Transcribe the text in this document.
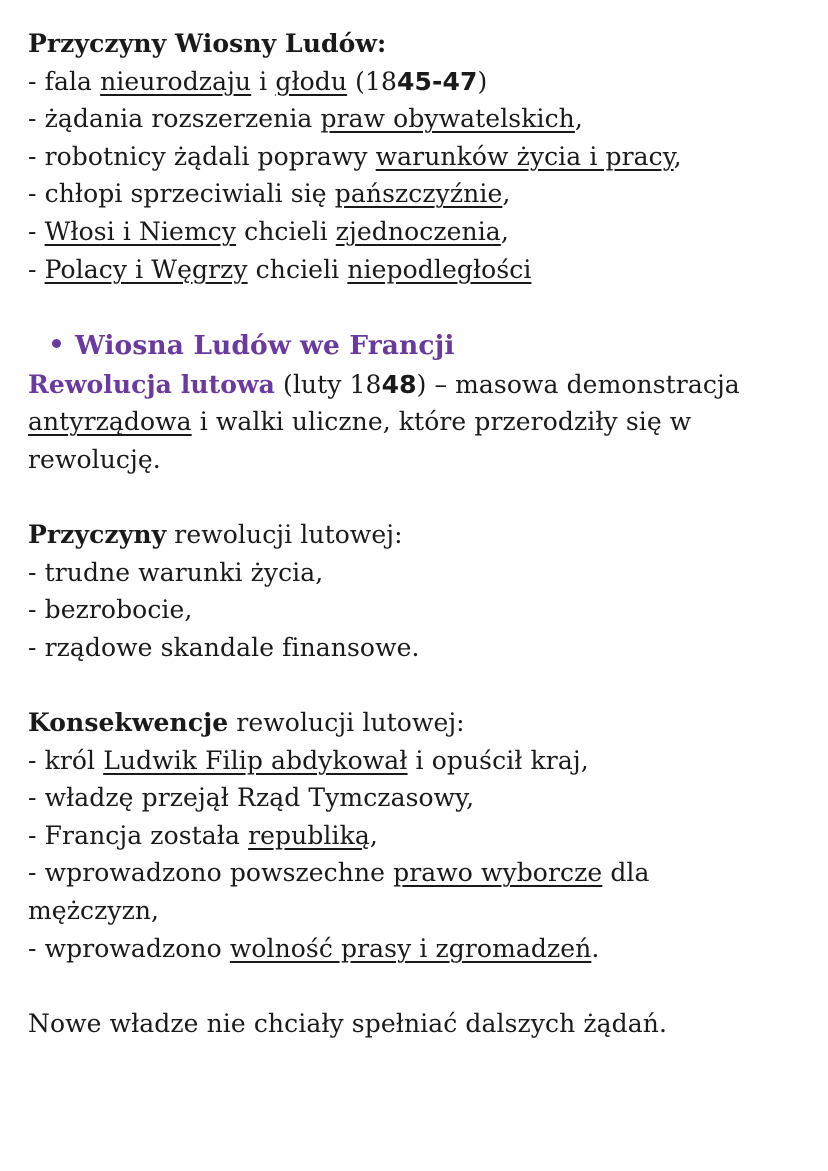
Przyczyny Wiosny Ludów:
- fala nieurodzaju i głodu (1845-47)
- żądania rozszerzenia praw obywatelskich,
- robotnicy żądali poprawy warunków życia i pracy,
- chłopi sprzeciwiali się pańszczyźnie,
- Włosi i Niemcy chcieli zjednoczenia,
- Polacy i Węgrzy chcieli niepodległości
Wiosna Ludów we Francji
Rewolucja lutowa (luty 1848) – masowa demonstracja
antyrządowa i walki uliczne, które przerodziły się w
rewolucję.
Przyczyny rewolucji lutowej:
- trudne warunki życia,
- bezrobocie,
- rządowe skandale finansowe.
Konsekwencje rewolucji lutowej:
- król Ludwik Filip abdykował i opuścił kraj,
- władzę przejął Rząd Tymczasowy,
- Francja została republiką,
- wprowadzono powszechne prawo wyborcze dla
mężczyzn,
- wprowadzono wolność prasy i zgromadzeń.
Nowe władze nie chciały spełniać dalszych żądań.
